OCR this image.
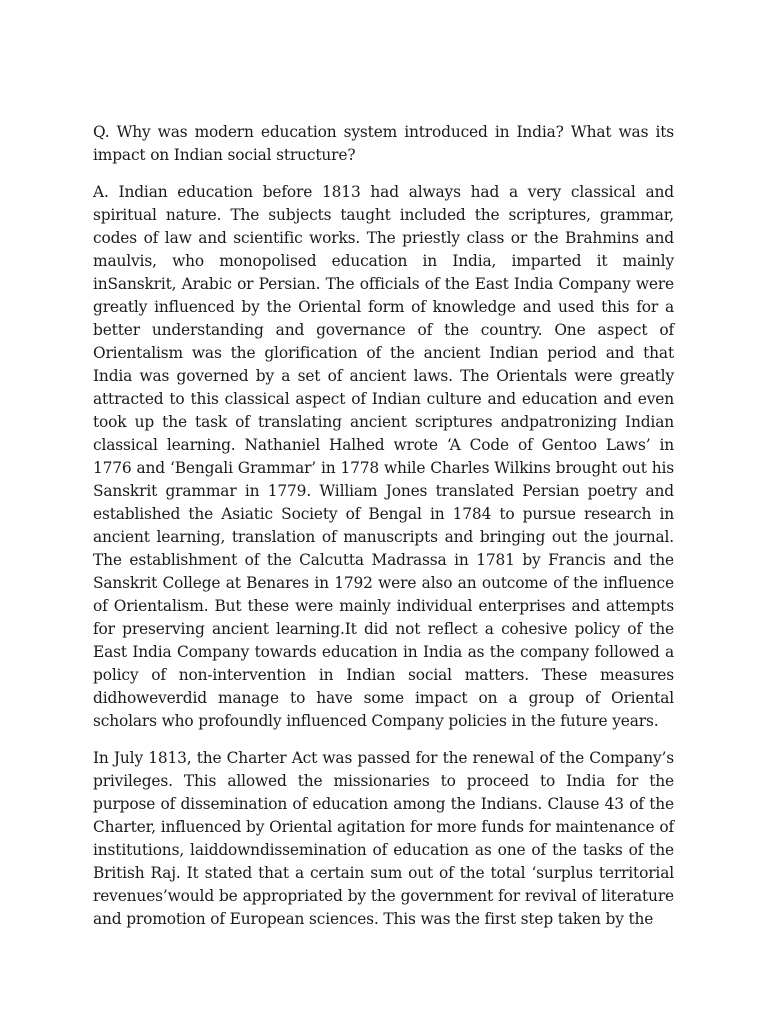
Q. Why was modern education system introduced in India? What was its impact on Indian social structure?

A. Indian education before 1813 had always had a very classical and spiritual nature. The subjects taught included the scriptures, grammar, codes of law and scientific works. The priestly class or the Brahmins and maulvis, who monopolised education in India, imparted it mainly inSanskrit, Arabic or Persian. The officials of the East India Company were greatly influenced by the Oriental form of knowledge and used this for a better understanding and governance of the country. One aspect of Orientalism was the glorification of the ancient Indian period and that India was governed by a set of ancient laws. The Orientals were greatly attracted to this classical aspect of Indian culture and education and even took up the task of translating ancient scriptures andpatronizing Indian classical learning. Nathaniel Halhed wrote ‘A Code of Gentoo Laws’ in 1776 and ‘Bengali Grammar’ in 1778 while Charles Wilkins brought out his Sanskrit grammar in 1779. William Jones translated Persian poetry and established the Asiatic Society of Bengal in 1784 to pursue research in ancient learning, translation of manuscripts and bringing out the journal. The establishment of the Calcutta Madrassa in 1781 by Francis and the Sanskrit College at Benares in 1792 were also an outcome of the influence of Orientalism. But these were mainly individual enterprises and attempts for preserving ancient learning.It did not reflect a cohesive policy of the East India Company towards education in India as the company followed a policy of non-intervention in Indian social matters. These measures didhoweverdid manage to have some impact on a group of Oriental scholars who profoundly influenced Company policies in the future years.

In July 1813, the Charter Act was passed for the renewal of the Company’s privileges. This allowed the missionaries to proceed to India for the purpose of dissemination of education among the Indians. Clause 43 of the Charter, influenced by Oriental agitation for more funds for maintenance of institutions, laiddowndissemination of education as one of the tasks of the British Raj. It stated that a certain sum out of the total ‘surplus territorial revenues’would be appropriated by the government for revival of literature and promotion of European sciences. This was the first step taken by the
